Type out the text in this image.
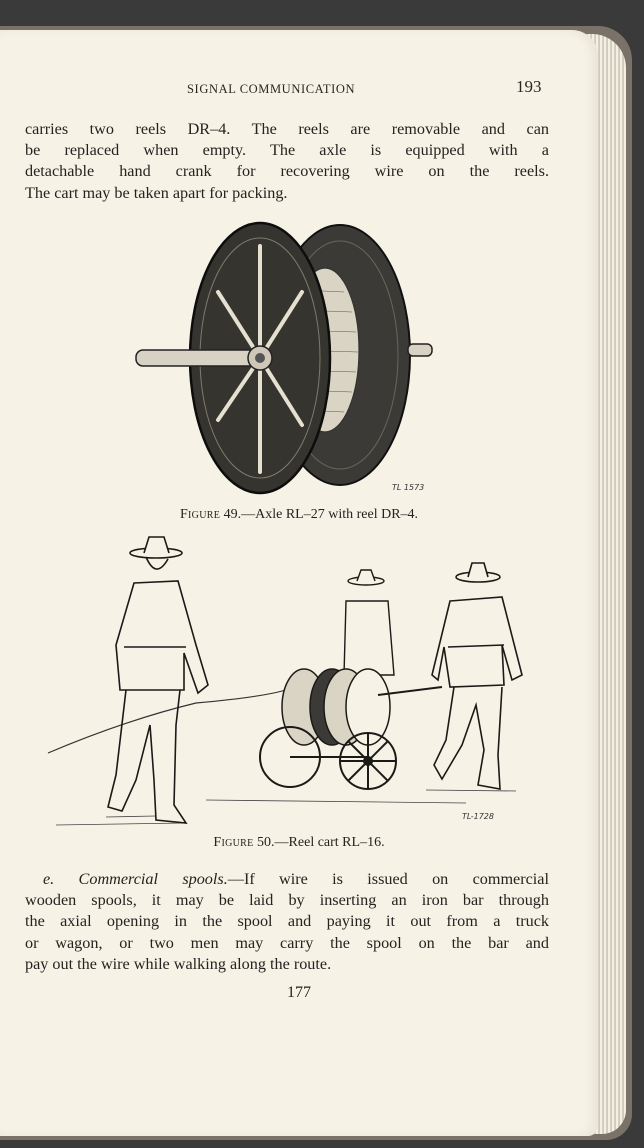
SIGNAL COMMUNICATION	193
carries two reels DR–4. The reels are removable and can
be replaced when empty. The axle is equipped with a
detachable hand crank for recovering wire on the reels.
The cart may be taken apart for packing.
TL 1573
Figure 49.—Axle RL–27 with reel DR–4.
TL-1728
Figure 50.—Reel cart RL–16.
e. Commercial spools.—If wire is issued on commercial
wooden spools, it may be laid by inserting an iron bar through
the axial opening in the spool and paying it out from a truck
or wagon, or two men may carry the spool on the bar and
pay out the wire while walking along the route.
177
